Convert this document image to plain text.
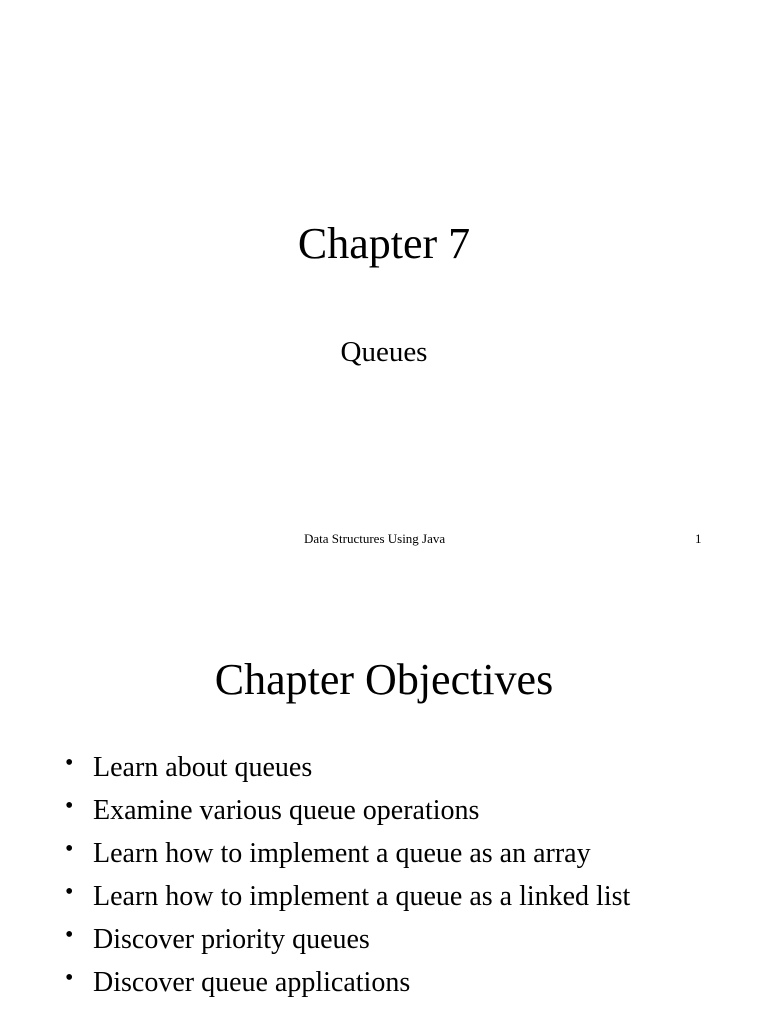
Chapter 7
Queues
Data Structures Using Java	1
Chapter Objectives
• Learn about queues
• Examine various queue operations
• Learn how to implement a queue as an array
• Learn how to implement a queue as a linked list
• Discover priority queues
• Discover queue applications
